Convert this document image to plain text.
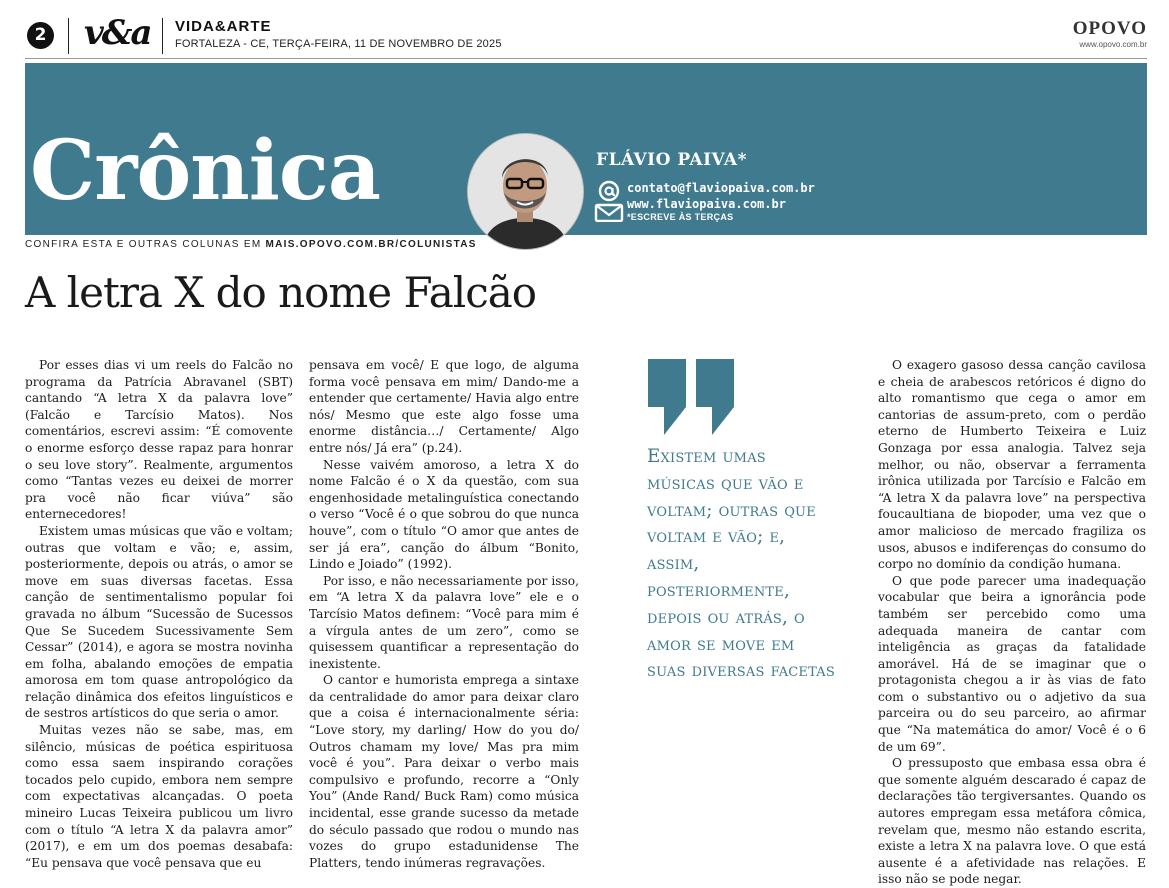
2 v&a VIDA&ARTE
FORTALEZA - CE, TERÇA-FEIRA, 11 DE NOVEMBRO DE 2025
OPOVO
www.opovo.com.br
Crônica	FLÁVIO PAIVA*
contato@flaviopaiva.com.br
www.flaviopaiva.com.br
*ESCREVE ÀS TERÇAS
CONFIRA ESTA E OUTRAS COLUNAS EM MAIS.OPOVO.COM.BR/COLUNISTAS
A letra X do nome Falcão

Por esses dias vi um reels do Falcão no programa da Patrícia Abravanel (SBT) cantando “A letra X da palavra love” (Falcão e Tarcísio Matos). Nos comentários, escrevi assim: “É comovente o enorme esforço desse rapaz para honrar o seu love story”. Realmente, argumentos como “Tantas vezes eu deixei de morrer pra você não ficar viúva” são enternecedores!

Existem umas músicas que vão e voltam; outras que voltam e vão; e, assim, posteriormente, depois ou atrás, o amor se move em suas diversas facetas. Essa canção de sentimentalismo popular foi gravada no álbum “Sucessão de Sucessos Que Se Sucedem Sucessivamente Sem Cessar” (2014), e agora se mostra novinha em folha, abalando emoções de empatia amorosa em tom quase antropológico da relação dinâmica dos efeitos linguísticos e de sestros artísticos do que seria o amor.

Muitas vezes não se sabe, mas, em silêncio, músicas de poética espirituosa como essa saem inspirando corações tocados pelo cupido, embora nem sempre com expectativas alcançadas. O poeta mineiro Lucas Teixeira publicou um livro com o título “A letra X da palavra amor” (2017), e em um dos poemas desabafa: “Eu pensava que você pensava que eu

pensava em você/ E que logo, de alguma forma você pensava em mim/ Dando-me a entender que certamente/ Havia algo entre nós/ Mesmo que este algo fosse uma enorme distância…/ Certamente/ Algo entre nós/ Já era” (p.24).

Nesse vaivém amoroso, a letra X do nome Falcão é o X da questão, com sua engenhosidade metalinguística conectando o verso “Você é o que sobrou do que nunca houve”, com o título “O amor que antes de ser já era”, canção do álbum “Bonito, Lindo e Joiado” (1992).

Por isso, e não necessariamente por isso, em “A letra X da palavra love” ele e o Tarcísio Matos definem: “Você para mim é a vírgula antes de um zero”, como se quisessem quantificar a representação do inexistente.

O cantor e humorista emprega a sintaxe da centralidade do amor para deixar claro que a coisa é internacionalmente séria: “Love story, my darling/ How do you do/ Outros chamam my love/ Mas pra mim você é you”. Para deixar o verbo mais compulsivo e profundo, recorre a “Only You” (Ande Rand/ Buck Ram) como música incidental, esse grande sucesso da metade do século passado que rodou o mundo nas vozes do grupo estadunidense The Platters, tendo inúmeras regravações.

Existem umas músicas que vão e voltam; outras que voltam e vão; e, assim, posteriormente, depois ou atrás, o amor se move em suas diversas facetas

O exagero gasoso dessa canção cavilosa e cheia de arabescos retóricos é digno do alto romantismo que cega o amor em cantorias de assum-preto, com o perdão eterno de Humberto Teixeira e Luiz Gonzaga por essa analogia. Talvez seja melhor, ou não, observar a ferramenta irônica utilizada por Tarcísio e Falcão em “A letra X da palavra love” na perspectiva foucaultiana de biopoder, uma vez que o amor malicioso de mercado fragiliza os usos, abusos e indiferenças do consumo do corpo no domínio da condição humana.

O que pode parecer uma inadequação vocabular que beira a ignorância pode também ser percebido como uma adequada maneira de cantar com inteligência as graças da fatalidade amorável. Há de se imaginar que o protagonista chegou a ir às vias de fato com o substantivo ou o adjetivo da sua parceira ou do seu parceiro, ao afirmar que “Na matemática do amor/ Você é o 6 de um 69”.

O pressuposto que embasa essa obra é que somente alguém descarado é capaz de declarações tão tergiversantes. Quando os autores empregam essa metáfora cômica, revelam que, mesmo não estando escrita, existe a letra X na palavra love. O que está ausente é a afetividade nas relações. E isso não se pode negar.
